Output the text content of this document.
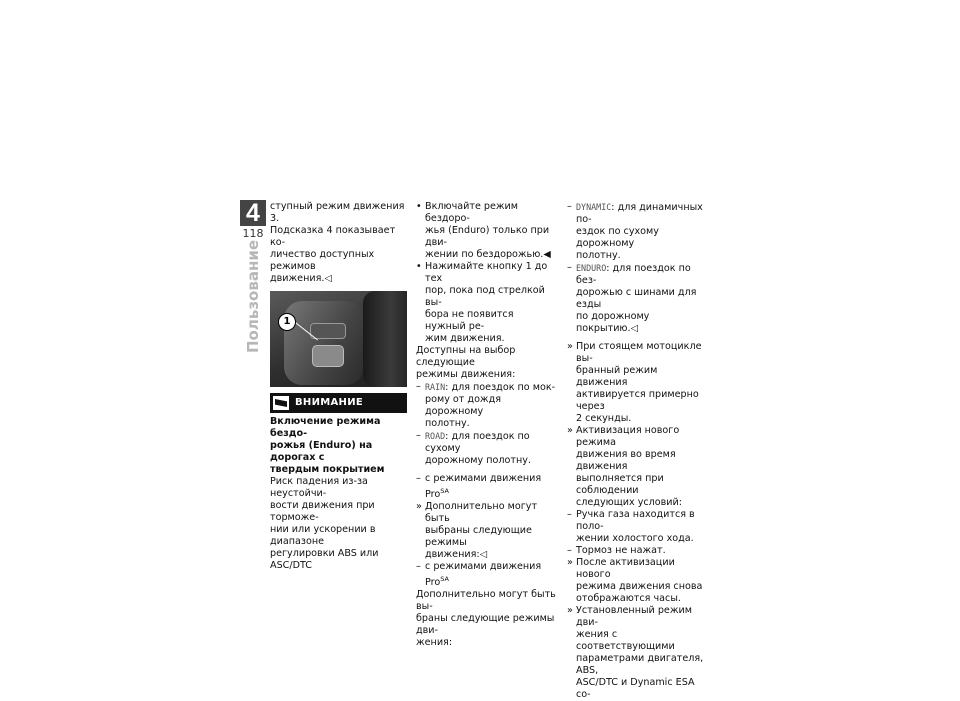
4
118
Пользование
ступный режим движения 3.
Подсказка 4 показывает ко-
личество доступных режимов
движения.◁
1
ВНИМАНИЕ
Включение режима бездо-
рожья (Enduro) на дорогах с
твердым покрытием
Риск падения из-за неустойчи-
вости движения при торможе-
нии или ускорении в диапазоне
регулировки ABS или ASC/DTC
• Включайте режим бездоро-
жья (Enduro) только при дви-
жении по бездорожью.◀
• Нажимайте кнопку 1 до тех
пор, пока под стрелкой вы-
бора не появится нужный ре-
жим движения.
Доступны на выбор следующие
режимы движения:
– RAIN: для поездок по мок-
рому от дождя дорожному
полотну.
– ROAD: для поездок по сухому
дорожному полотну.
– с режимами движения Pro$^{SA}$
» Дополнительно могут быть
выбраны следующие режимы
движения:◁
– с режимами движения Pro$^{SA}$
Дополнительно могут быть вы-
браны следующие режимы дви-
жения:
– DYNAMIC: для динамичных по-
ездок по сухому дорожному
полотну.
– ENDURO: для поездок по без-
дорожью с шинами для езды
по дорожному покрытию.◁
» При стоящем мотоцикле вы-
бранный режим движения
активируется примерно через
2 секунды.
» Активизация нового режима
движения во время движения
выполняется при соблюдении
следующих условий:
– Ручка газа находится в поло-
жении холостого хода.
– Тормоз не нажат.
» После активизации нового
режима движения снова
отображаются часы.
» Установленный режим дви-
жения с соответствующими
параметрами двигателя, ABS,
ASC/DTC и Dynamic ESA со-
